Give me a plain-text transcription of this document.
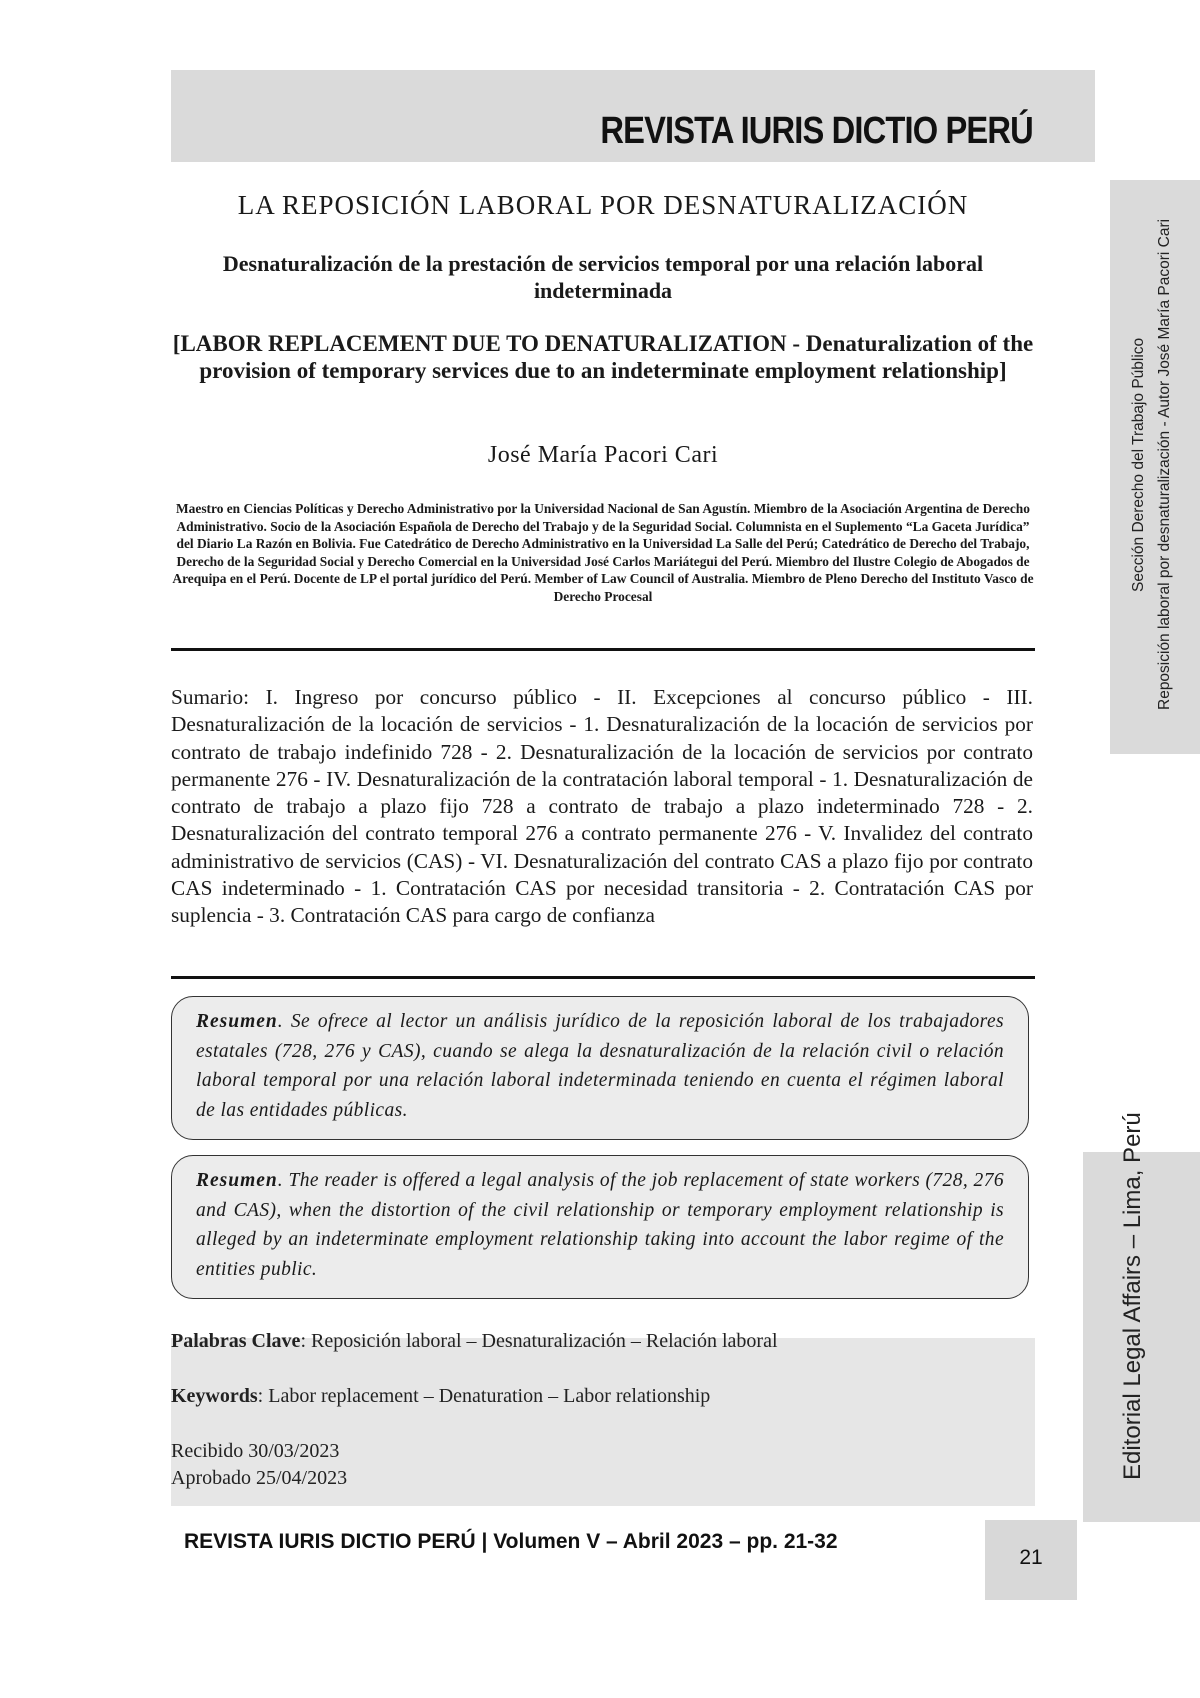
REVISTA IURIS DICTIO PERÚ
Sección Derecho del Trabajo Público Reposición laboral por desnaturalización - Autor José María Pacori Cari
Editorial Legal Affairs – Lima, Perú
LA REPOSICIÓN LABORAL POR DESNATURALIZACIÓN
Desnaturalización de la prestación de servicios temporal por una relación laboral indeterminada
[LABOR REPLACEMENT DUE TO DENATURALIZATION - Denaturalization of the provision of temporary services due to an indeterminate employment relationship]
José María Pacori Cari
Maestro en Ciencias Políticas y Derecho Administrativo por la Universidad Nacional de San Agustín. Miembro de la Asociación Argentina de Derecho Administrativo. Socio de la Asociación Española de Derecho del Trabajo y de la Seguridad Social. Columnista en el Suplemento “La Gaceta Jurídica” del Diario La Razón en Bolivia. Fue Catedrático de Derecho Administrativo en la Universidad La Salle del Perú; Catedrático de Derecho del Trabajo, Derecho de la Seguridad Social y Derecho Comercial en la Universidad José Carlos Mariátegui del Perú. Miembro del Ilustre Colegio de Abogados de Arequipa en el Perú. Docente de LP el portal jurídico del Perú. Member of Law Council of Australia. Miembro de Pleno Derecho del Instituto Vasco de Derecho Procesal
Sumario: I. Ingreso por concurso público - II. Excepciones al concurso público - III. Desnaturalización de la locación de servicios - 1. Desnaturalización de la locación de servicios por contrato de trabajo indefinido 728 - 2. Desnaturalización de la locación de servicios por contrato permanente 276 - IV. Desnaturalización de la contratación laboral temporal - 1. Desnaturalización de contrato de trabajo a plazo fijo 728 a contrato de trabajo a plazo indeterminado 728 - 2. Desnaturalización del contrato temporal 276 a contrato permanente 276 - V. Invalidez del contrato administrativo de servicios (CAS) - VI. Desnaturalización del contrato CAS a plazo fijo por contrato CAS indeterminado - 1. Contratación CAS por necesidad transitoria - 2. Contratación CAS por suplencia - 3. Contratación CAS para cargo de confianza
Resumen. Se ofrece al lector un análisis jurídico de la reposición laboral de los trabajadores estatales (728, 276 y CAS), cuando se alega la desnaturalización de la relación civil o relación laboral temporal por una relación laboral indeterminada teniendo en cuenta el régimen laboral de las entidades públicas.
Resumen. The reader is offered a legal analysis of the job replacement of state workers (728, 276 and CAS), when the distortion of the civil relationship or temporary employment relationship is alleged by an indeterminate employment relationship taking into account the labor regime of the entities public.
Palabras Clave: Reposición laboral – Desnaturalización – Relación laboral
Keywords: Labor replacement – Denaturation – Labor relationship
Recibido 30/03/2023
Aprobado 25/04/2023
REVISTA IURIS DICTIO PERÚ | Volumen V – Abril 2023 – pp. 21-32
21
